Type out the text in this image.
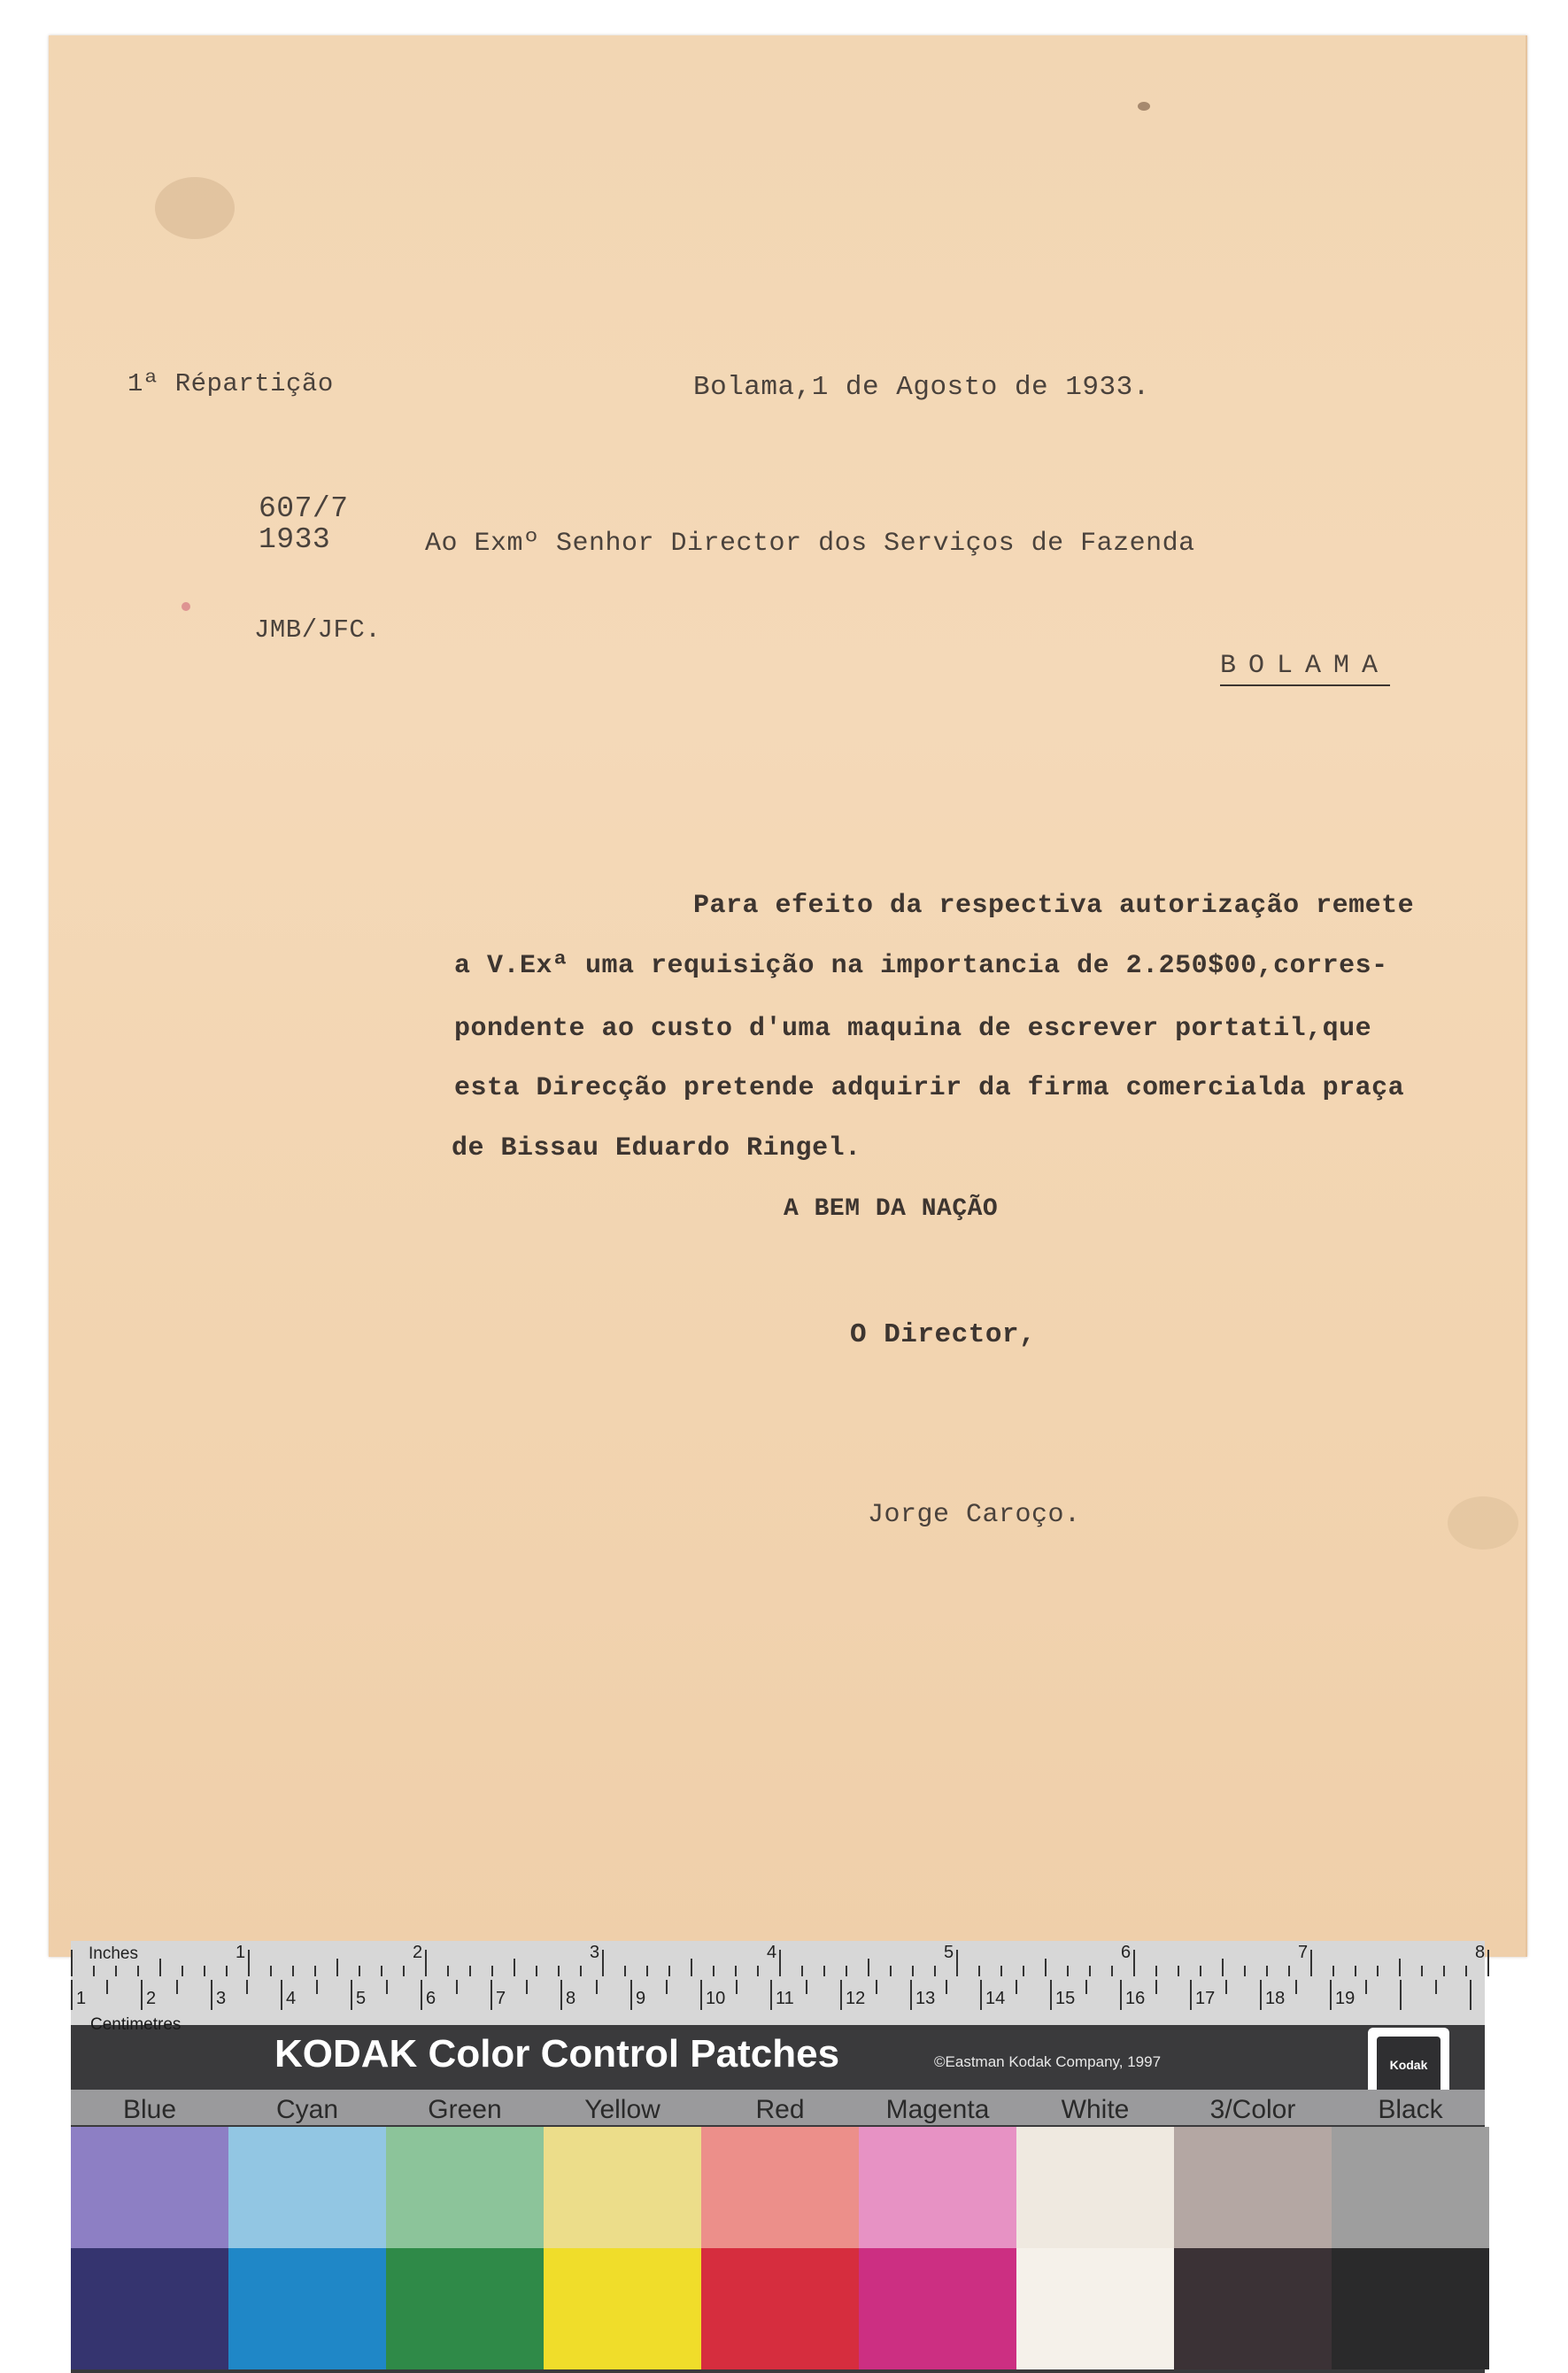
1ª Répartição	Bolama,1 de Agosto de 1933.
607/7
1933	Ao Exmº Senhor Director dos Serviços de Fazenda
JMB/JFC.
BOLAMA
Para efeito da respectiva autorização remete
a V.Exª uma requisição na importancia de 2.250$00,corres-
pondente ao custo d'uma maquina de escrever portatil,que
esta Direcção pretende adquirir da firma comercialda praça
de Bissau Eduardo Ringel.
A BEM DA NAÇÃO
O Director,
Jorge Caroço.
Inches
Centimetres
1	2	3	4	5	6	7	8
1	2	3	4	5	6	7	8	9	10	11	12	13	14	15	16	17	18	19
KODAK Color Control Patches	©Eastman Kodak Company, 1997	Kodak
Blue	Cyan	Green	Yellow	Red	Magenta	White	3/Color	Black
